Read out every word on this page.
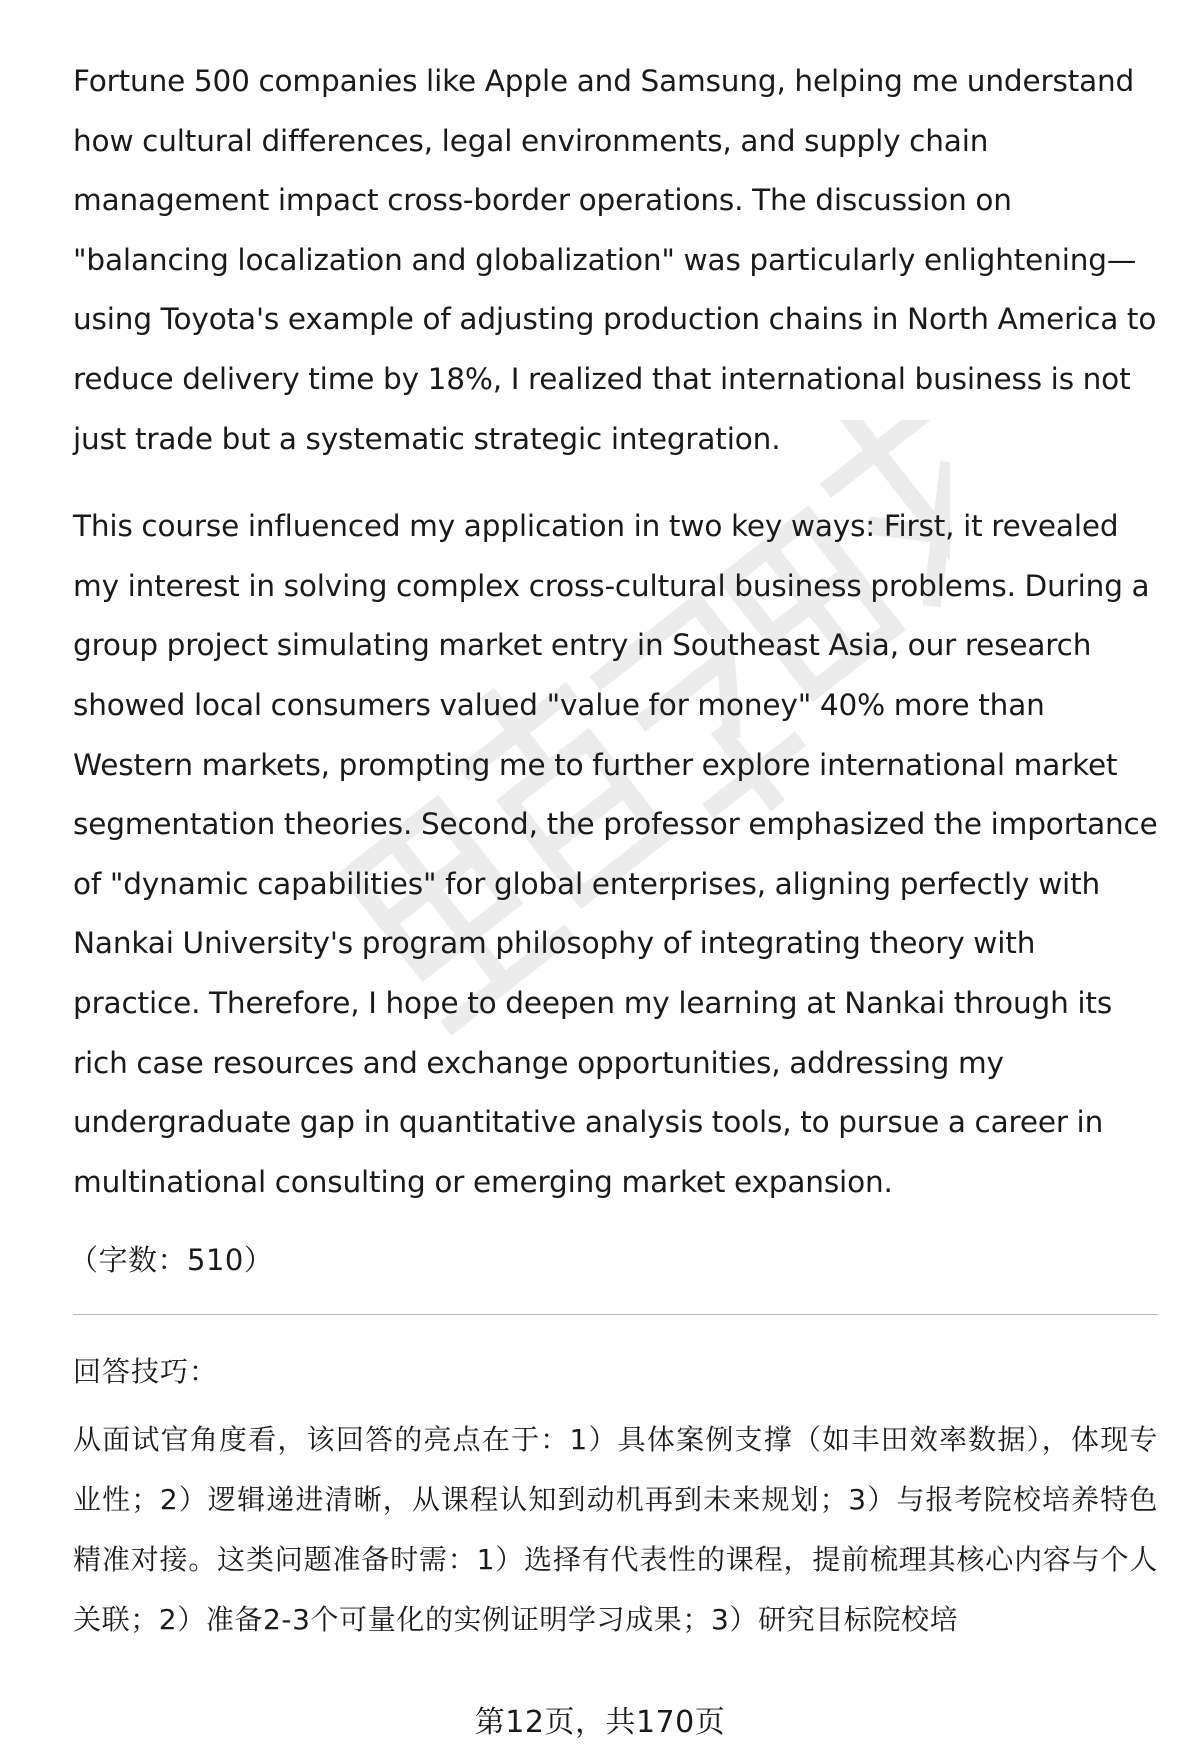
Fortune 500 companies like Apple and Samsung, helping me understand how cultural differences, legal environments, and supply chain management impact cross-border operations. The discussion on "balancing localization and globalization" was particularly enlightening—using Toyota's example of adjusting production chains in North America to reduce delivery time by 18%, I realized that international business is not just trade but a systematic strategic integration.

This course influenced my application in two key ways: First, it revealed my interest in solving complex cross-cultural business problems. During a group project simulating market entry in Southeast Asia, our research showed local consumers valued "value for money" 40% more than Western markets, prompting me to further explore international market segmentation theories. Second, the professor emphasized the importance of "dynamic capabilities" for global enterprises, aligning perfectly with Nankai University's program philosophy of integrating theory with practice. Therefore, I hope to deepen my learning at Nankai through its rich case resources and exchange opportunities, addressing my undergraduate gap in quantitative analysis tools, to pursue a career in multinational consulting or emerging market expansion.

（字数：510）
回答技巧：
从面试官角度看，该回答的亮点在于：1）具体案例支撑（如丰田效率数据），体现专业性；2）逻辑递进清晰，从课程认知到动机再到未来规划；3）与报考院校培养特色精准对接。这类问题准备时需：1）选择有代表性的课程，提前梳理其核心内容与个人关联；2）准备2-3个可量化的实例证明学习成果；3）研究目标院校培
第12页，共170页
